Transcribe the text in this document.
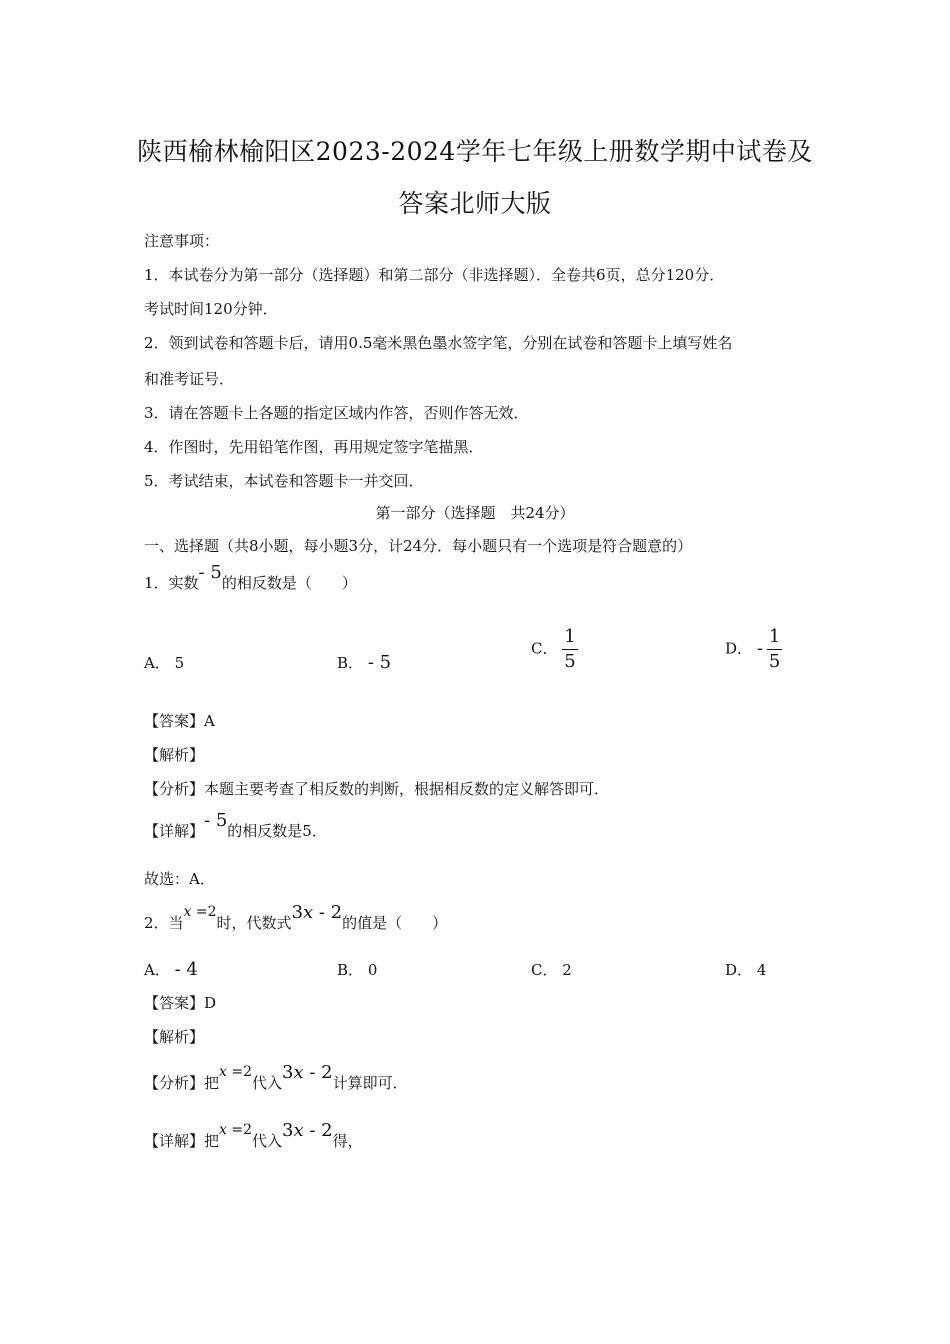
陕西榆林榆阳区2023-2024学年七年级上册数学期中试卷及
答案北师大版
注意事项：
1．本试卷分为第一部分（选择题）和第二部分（非选择题）．全卷共6页，总分120分．
考试时间120分钟．
2．领到试卷和答题卡后，请用0.5毫米黑色墨水签字笔，分别在试卷和答题卡上填写姓名
和准考证号．
3．请在答题卡上各题的指定区域内作答，否则作答无效．
4．作图时，先用铅笔作图，再用规定签字笔描黑．
5．考试结束，本试卷和答题卡一并交回．
第一部分（选择题　共24分）
一、选择题（共8小题，每小题3分，计24分．每小题只有一个选项是符合题意的）
1．实数- 5的相反数是（　　）
A． 5	B． - 5
C． $\frac{1}{5}$	D． - $\frac{1}{5}$
【答案】A
【解析】
【分析】本题主要考查了相反数的判断，根据相反数的定义解答即可．
【详解】- 5的相反数是5．
故选：A．
2．当x =2时，代数式3x - 2的值是（　　）
A． - 4	B． 0	C． 2	D． 4
【答案】D
【解析】
【分析】把x =2代入3x - 2计算即可．
【详解】把x =2代入3x - 2得，
